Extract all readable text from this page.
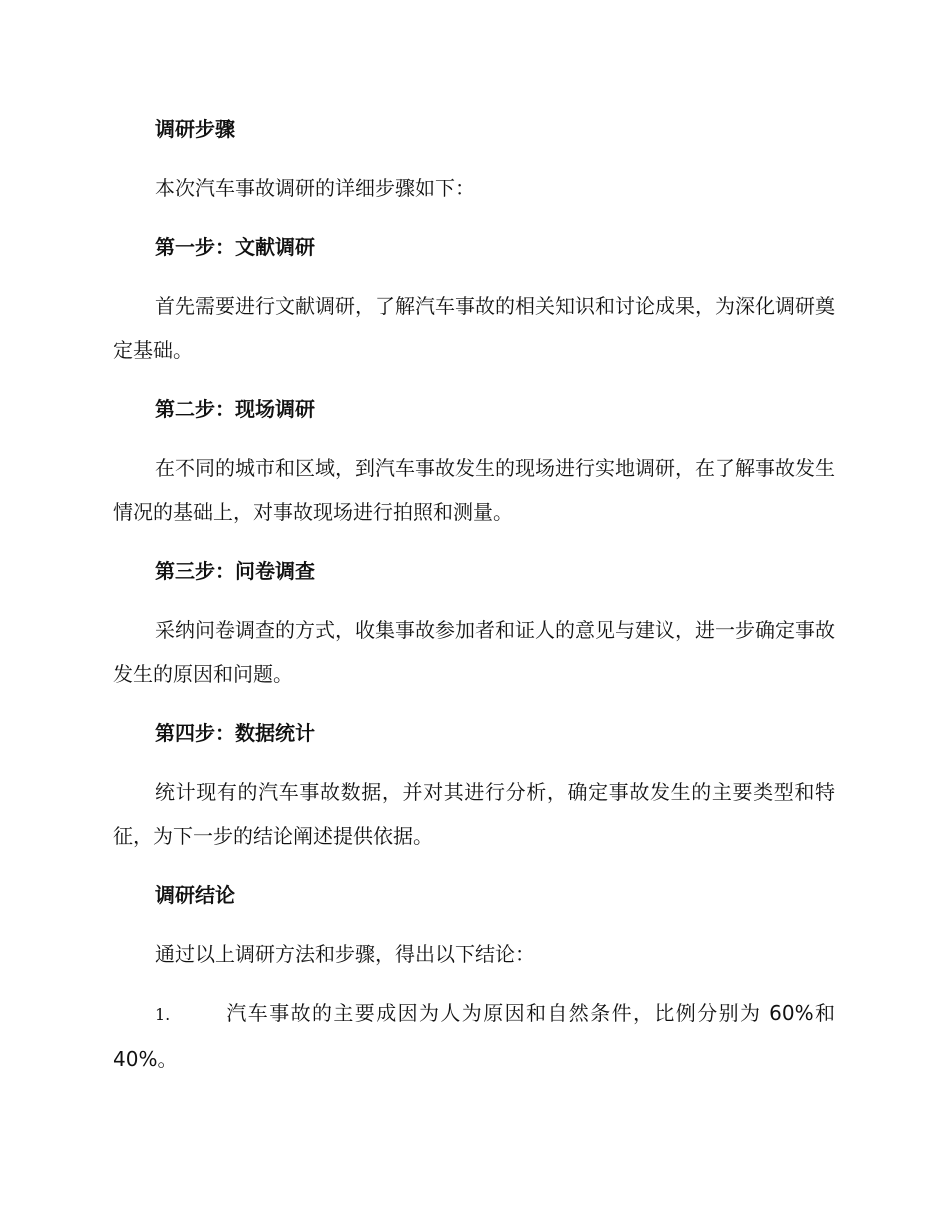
调研步骤

本次汽车事故调研的详细步骤如下：

第一步：文献调研

首先需要进行文献调研，了解汽车事故的相关知识和讨论成果，为深化调研奠定基础。

第二步：现场调研

在不同的城市和区域，到汽车事故发生的现场进行实地调研，在了解事故发生情况的基础上，对事故现场进行拍照和测量。

第三步：问卷调查

采纳问卷调查的方式，收集事故参加者和证人的意见与建议，进一步确定事故发生的原因和问题。

第四步：数据统计

统计现有的汽车事故数据，并对其进行分析，确定事故发生的主要类型和特征，为下一步的结论阐述提供依据。

调研结论

通过以上调研方法和步骤，得出以下结论：

1.	汽车事故的主要成因为人为原因和自然条件，比例分别为 60%和 40%。
